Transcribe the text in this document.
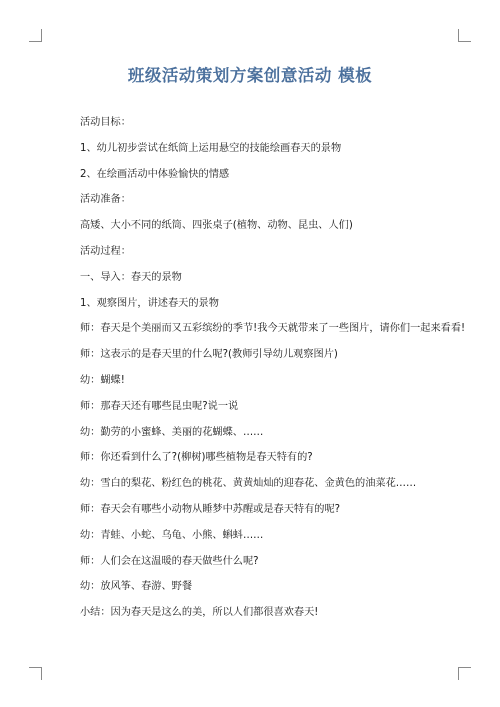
班级活动策划方案创意活动 模板

活动目标：

1、幼儿初步尝试在纸筒上运用悬空的技能绘画春天的景物

2、在绘画活动中体验愉快的情感

活动准备：

高矮、大小不同的纸筒、四张桌子(植物、动物、昆虫、人们)

活动过程：

一、导入：春天的景物

1、观察图片，讲述春天的景物

师：春天是个美丽而又五彩缤纷的季节!我今天就带来了一些图片，请你们一起来看看!

师：这表示的是春天里的什么呢?(教师引导幼儿观察图片)

幼：蝴蝶!

师：那春天还有哪些昆虫呢?说一说

幼：勤劳的小蜜蜂、美丽的花蝴蝶、……

师：你还看到什么了?(柳树)哪些植物是春天特有的?

幼：雪白的梨花、粉红色的桃花、黄黄灿灿的迎春花、金黄色的油菜花……

师：春天会有哪些小动物从睡梦中苏醒或是春天特有的呢?

幼：青蛙、小蛇、乌龟、小熊、蝌蚪……

师：人们会在这温暖的春天做些什么呢?

幼：放风筝、春游、野餐

小结：因为春天是这么的美，所以人们都很喜欢春天!
